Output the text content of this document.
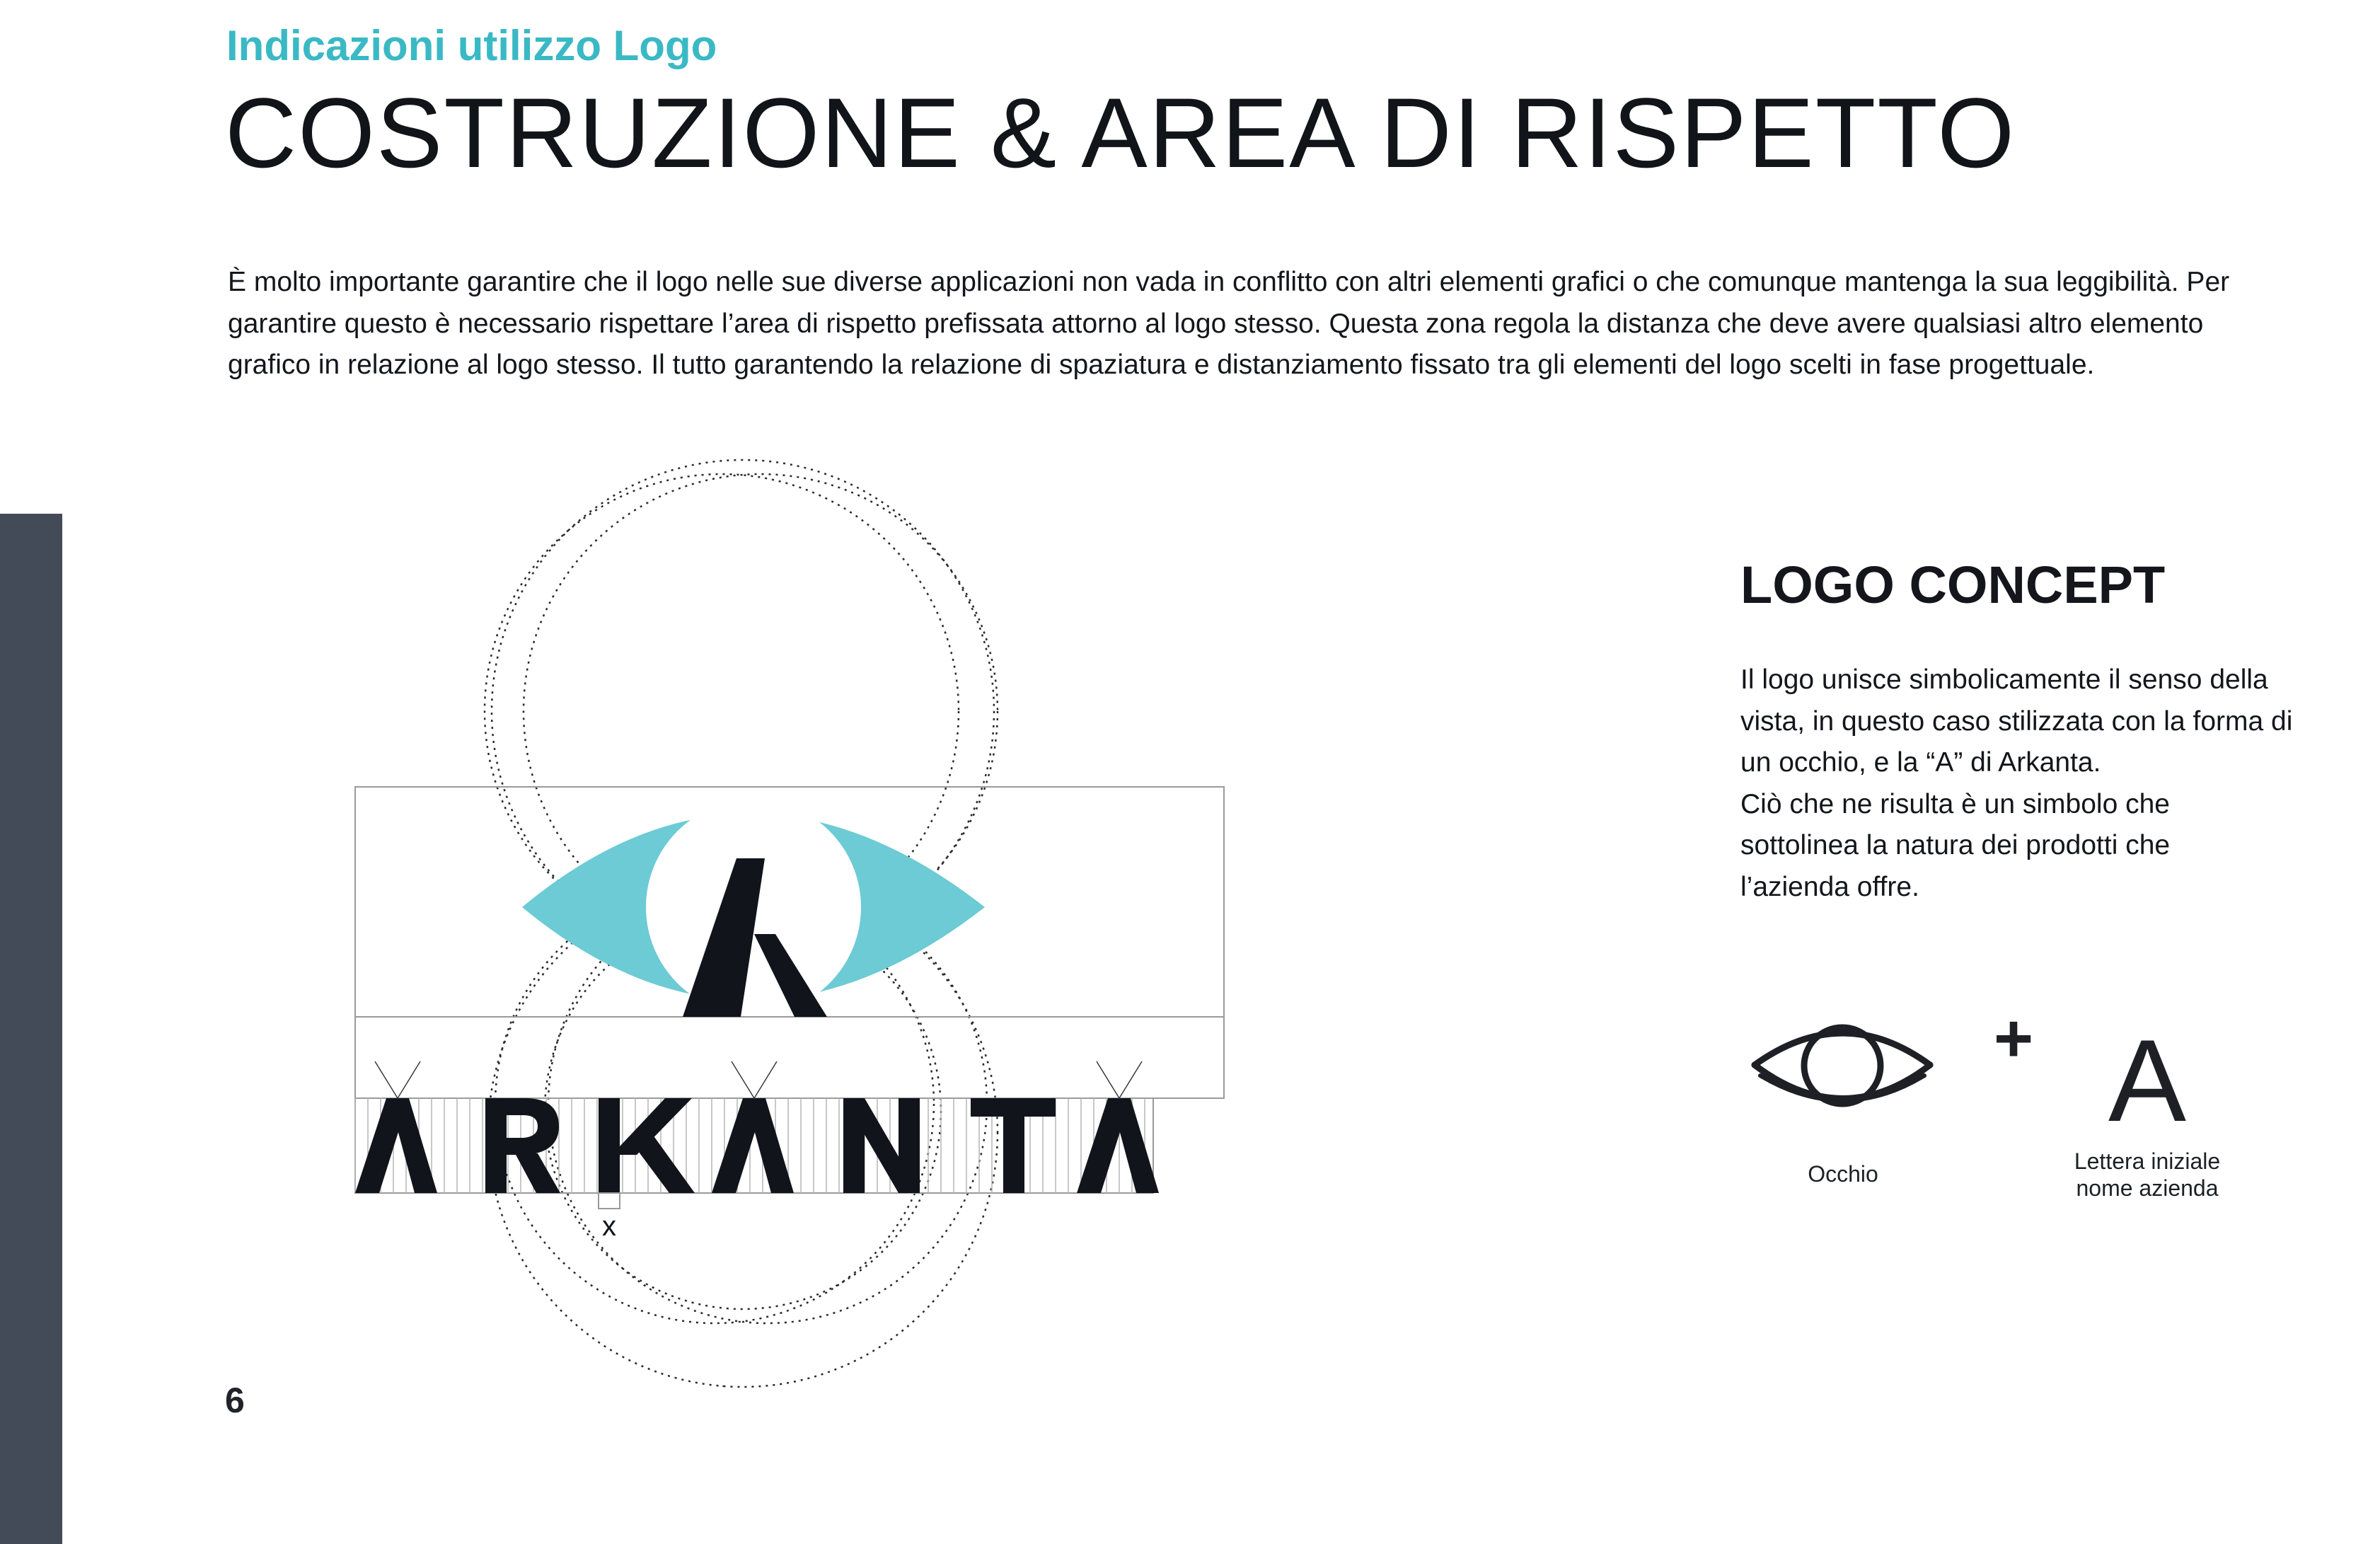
Indicazioni utilizzo Logo
COSTRUZIONE & AREA DI RISPETTO

È molto importante garantire che il logo nelle sue diverse applicazioni non vada in conflitto con altri elementi grafici o che comunque mantenga la sua leggibilità. Per garantire questo è necessario rispettare l’area di rispetto prefissata attorno al logo stesso. Questa zona regola la distanza che deve avere qualsiasi altro elemento grafico in relazione al logo stesso. Il tutto garantendo la relazione di spaziatura e distanziamento fissato tra gli elementi del logo scelti in fase progettuale.

x
LOGO CONCEPT

Il logo unisce simbolicamente il senso della
vista, in questo caso stilizzata con la forma di
un occhio, e la “A” di Arkanta.
Ciò che ne risulta è un simbolo che
sottolinea la natura dei prodotti che
l’azienda offre.

Occhio
+ A
Lettera iniziale
nome azienda
6
